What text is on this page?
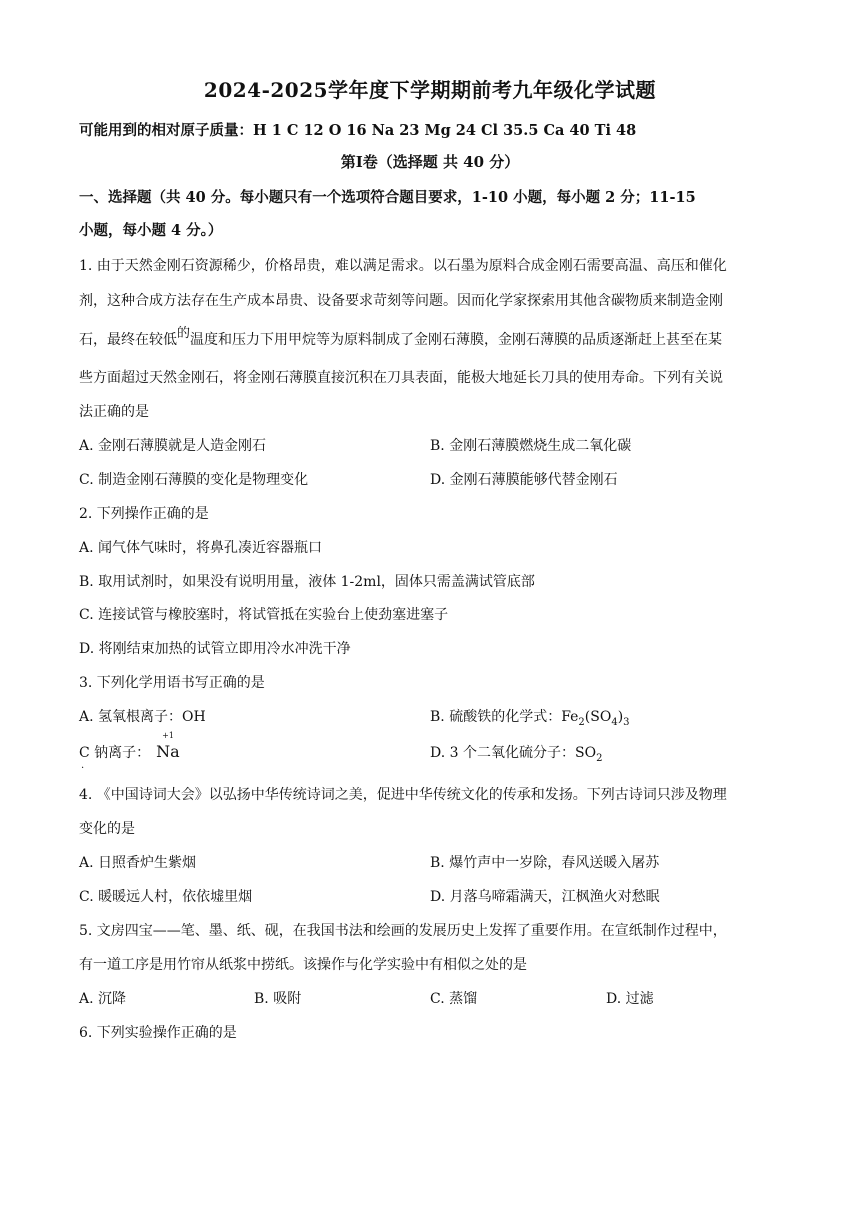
2024-2025学年度下学期期前考九年级化学试题
可能用到的相对原子质量：H 1 C 12 O 16 Na 23 Mg 24 Cl 35.5 Ca 40 Ti 48
第Ⅰ卷（选择题 共 40 分）
一、选择题（共 40 分。每小题只有一个选项符合题目要求，1-10 小题，每小题 2 分；11-15
小题，每小题 4 分。）
1. 由于天然金刚石资源稀少，价格昂贵，难以满足需求。以石墨为原料合成金刚石需要高温、高压和催化
剂，这种合成方法存在生产成本昂贵、设备要求苛刻等问题。因而化学家探索用其他含碳物质来制造金刚
石，最终在较低的温度和压力下用甲烷等为原料制成了金刚石薄膜，金刚石薄膜的品质逐渐赶上甚至在某
些方面超过天然金刚石，将金刚石薄膜直接沉积在刀具表面，能极大地延长刀具的使用寿命。下列有关说
法正确的是
A. 金刚石薄膜就是人造金刚石	B. 金刚石薄膜燃烧生成二氧化碳
C. 制造金刚石薄膜的变化是物理变化	D. 金刚石薄膜能够代替金刚石
2. 下列操作正确的是
A. 闻气体气味时，将鼻孔凑近容器瓶口
B. 取用试剂时，如果没有说明用量，液体 1-2ml，固体只需盖满试管底部
C. 连接试管与橡胶塞时，将试管抵在实验台上使劲塞进塞子
D. 将刚结束加热的试管立即用冷水冲洗干净
3. 下列化学用语书写正确的是
A. 氢氧根离子：OH	B. 硫酸铁的化学式：$Fe_2(SO_4)_3$
C 钠离子：
+1
Na
.
D. 3 个二氧化硫分子：$SO_2$
4. 《中国诗词大会》以弘扬中华传统诗词之美，促进中华传统文化的传承和发扬。下列古诗词只涉及物理
变化的是
A. 日照香炉生紫烟	B. 爆竹声中一岁除，春风送暖入屠苏
C. 暖暖远人村，依依墟里烟	D. 月落乌啼霜满天，江枫渔火对愁眠
5. 文房四宝——笔、墨、纸、砚，在我国书法和绘画的发展历史上发挥了重要作用。在宣纸制作过程中，
有一道工序是用竹帘从纸浆中捞纸。该操作与化学实验中有相似之处的是
A. 沉降	B. 吸附	C. 蒸馏	D. 过滤
6. 下列实验操作正确的是
